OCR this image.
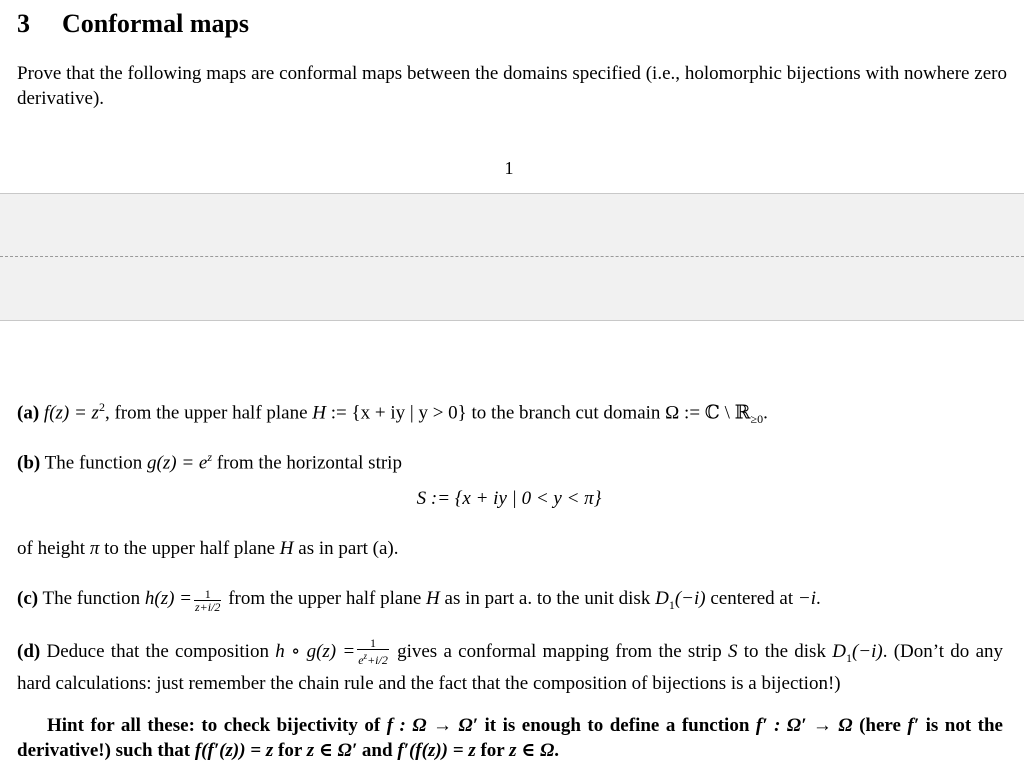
3 Conformal maps

Prove that the following maps are conformal maps between the domains specified (i.e., holomorphic bijections with nowhere zero derivative).

1

(a) $f(z) = z^2$, from the upper half plane H := {x + iy | y > 0} to the branch cut domain Ω := ℂ \ ℝ$_{\ge 0}$.

(b) The function $g(z) = e^z$ from the horizontal strip

S := {x + iy | 0 < y < π}

of height π to the upper half plane H as in part (a).

(c) The function $h(z) = \frac{1}{z+i/2}$ from the upper half plane H as in part a. to the unit disk $D_1(-i)$ centered at −i.

(d) Deduce that the composition h ∘ $g(z) = \frac{1}{e^z+i/2}$ gives a conformal mapping from the strip S to the disk $D_1(-i)$. (Don’t do any hard calculations: just remember the chain rule and the fact that the composition of bijections is a bijection!)

Hint for all these: to check bijectivity of f : Ω → Ω′ it is enough to define a function f′ : Ω′ → Ω (here f′ is not the derivative!) such that f(f′(z)) = z for z ∈ Ω′ and f′(f(z)) = z for z ∈ Ω.
